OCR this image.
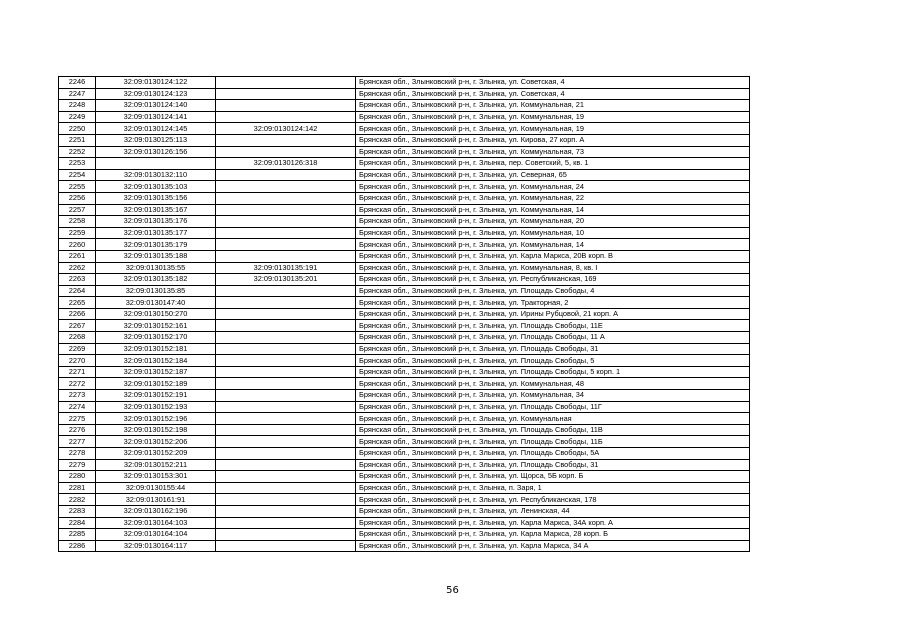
2246	32:09:0130124:122		Брянская обл., Злынковский р-н, г. Злынка, ул. Советская, 4
2247	32:09:0130124:123		Брянская обл., Злынковский р-н, г. Злынка, ул. Советская, 4
2248	32:09:0130124:140		Брянская обл., Злынковский р-н, г. Злынка, ул. Коммунальная, 21
2249	32:09:0130124:141		Брянская обл., Злынковский р-н, г. Злынка, ул. Коммунальная, 19
2250	32:09:0130124:145	32:09:0130124:142	Брянская обл., Злынковский р-н, г. Злынка, ул. Коммунальная, 19
2251	32:09:0130125:113		Брянская обл., Злынковский р-н, г. Злынка, ул. Кирова, 27 корп. А
2252	32:09:0130126:156		Брянская обл., Злынковский р-н, г. Злынка, ул. Коммунальная, 73
2253		32:09:0130126:318	Брянская обл., Злынковский р-н, г. Злынка, пер. Советский, 5, кв. 1
2254	32:09:0130132:110		Брянская обл., Злынковский р-н, г. Злынка, ул. Северная, 65
2255	32:09:0130135:103		Брянская обл., Злынковский р-н, г. Злынка, ул. Коммунальная, 24
2256	32:09:0130135:156		Брянская обл., Злынковский р-н, г. Злынка, ул. Коммунальная, 22
2257	32:09:0130135:167		Брянская обл., Злынковский р-н, г. Злынка, ул. Коммунальная, 14
2258	32:09:0130135:176		Брянская обл., Злынковский р-н, г. Злынка, ул. Коммунальная, 20
2259	32:09:0130135:177		Брянская обл., Злынковский р-н, г. Злынка, ул. Коммунальная, 10
2260	32:09:0130135:179		Брянская обл., Злынковский р-н, г. Злынка, ул. Коммунальная, 14
2261	32:09:0130135:188		Брянская обл., Злынковский р-н, г. Злынка, ул. Карла Маркса, 20В корп. В
2262	32:09:0130135:55	32:09:0130135:191	Брянская обл., Злынковский р-н, г. Злынка, ул. Коммунальная, 8, кв. I
2263	32:09:0130135:182	32:09:0130135:201	Брянская обл., Злынковский р-н, г. Злынка, ул. Республиканская, 169
2264	32:09:0130135:85		Брянская обл., Злынковский р-н, г. Злынка, ул. Площадь Свободы, 4
2265	32:09:0130147:40		Брянская обл., Злынковский р-н, г. Злынка, ул. Тракторная, 2
2266	32:09:0130150:270		Брянская обл., Злынковский р-н, г. Злынка, ул. Ирины Рубцовой, 21 корп. А
2267	32:09:0130152:161		Брянская обл., Злынковский р-н, г. Злынка, ул. Площадь Свободы, 11Е
2268	32:09:0130152:170		Брянская обл., Злынковский р-н, г. Злынка, ул. Площадь Свободы, 11 А
2269	32:09:0130152:181		Брянская обл., Злынковский р-н, г. Злынка, ул. Площадь Свободы, 31
2270	32:09:0130152:184		Брянская обл., Злынковский р-н, г. Злынка, ул. Площадь Свободы, 5
2271	32:09:0130152:187		Брянская обл., Злынковский р-н, г. Злынка, ул. Площадь Свободы, 5 корп. 1
2272	32:09:0130152:189		Брянская обл., Злынковский р-н, г. Злынка, ул. Коммунальная, 48
2273	32:09:0130152:191		Брянская обл., Злынковский р-н, г. Злынка, ул. Коммунальная, 34
2274	32:09:0130152:193		Брянская обл., Злынковский р-н, г. Злынка, ул. Площадь Свободы, 11Г
2275	32:09:0130152:196		Брянская обл., Злынковский р-н, г. Злынка, ул. Коммунальная
2276	32:09:0130152:198		Брянская обл., Злынковский р-н, г. Злынка, ул. Площадь Свободы, 11В
2277	32:09:0130152:206		Брянская обл., Злынковский р-н, г. Злынка, ул. Площадь Свободы, 11Б
2278	32:09:0130152:209		Брянская обл., Злынковский р-н, г. Злынка, ул. Площадь Свободы, 5А
2279	32:09:0130152:211		Брянская обл., Злынковский р-н, г. Злынка, ул. Площадь Свободы, 31
2280	32:09:0130153:301		Брянская обл., Злынковский р-н, г. Злынка, ул. Щорса, 5Б корп. Б
2281	32:09:0130155:44		Брянская обл., Злынковский р-н, г. Злынка, п. Заря, 1
2282	32:09:0130161:91		Брянская обл., Злынковский р-н, г. Злынка, ул. Республиканская, 178
2283	32:09:0130162:196		Брянская обл., Злынковский р-н, г. Злынка, ул. Ленинская, 44
2284	32:09:0130164:103		Брянская обл., Злынковский р-н, г. Злынка, ул. Карла Маркса, 34А корп. А
2285	32:09:0130164:104		Брянская обл., Злынковский р-н, г. Злынка, ул. Карла Маркса, 28 корп. Б
2286	32:09:0130164:117		Брянская обл., Злынковский р-н, г. Злынка, ул. Карла Маркса, 34 А
56
